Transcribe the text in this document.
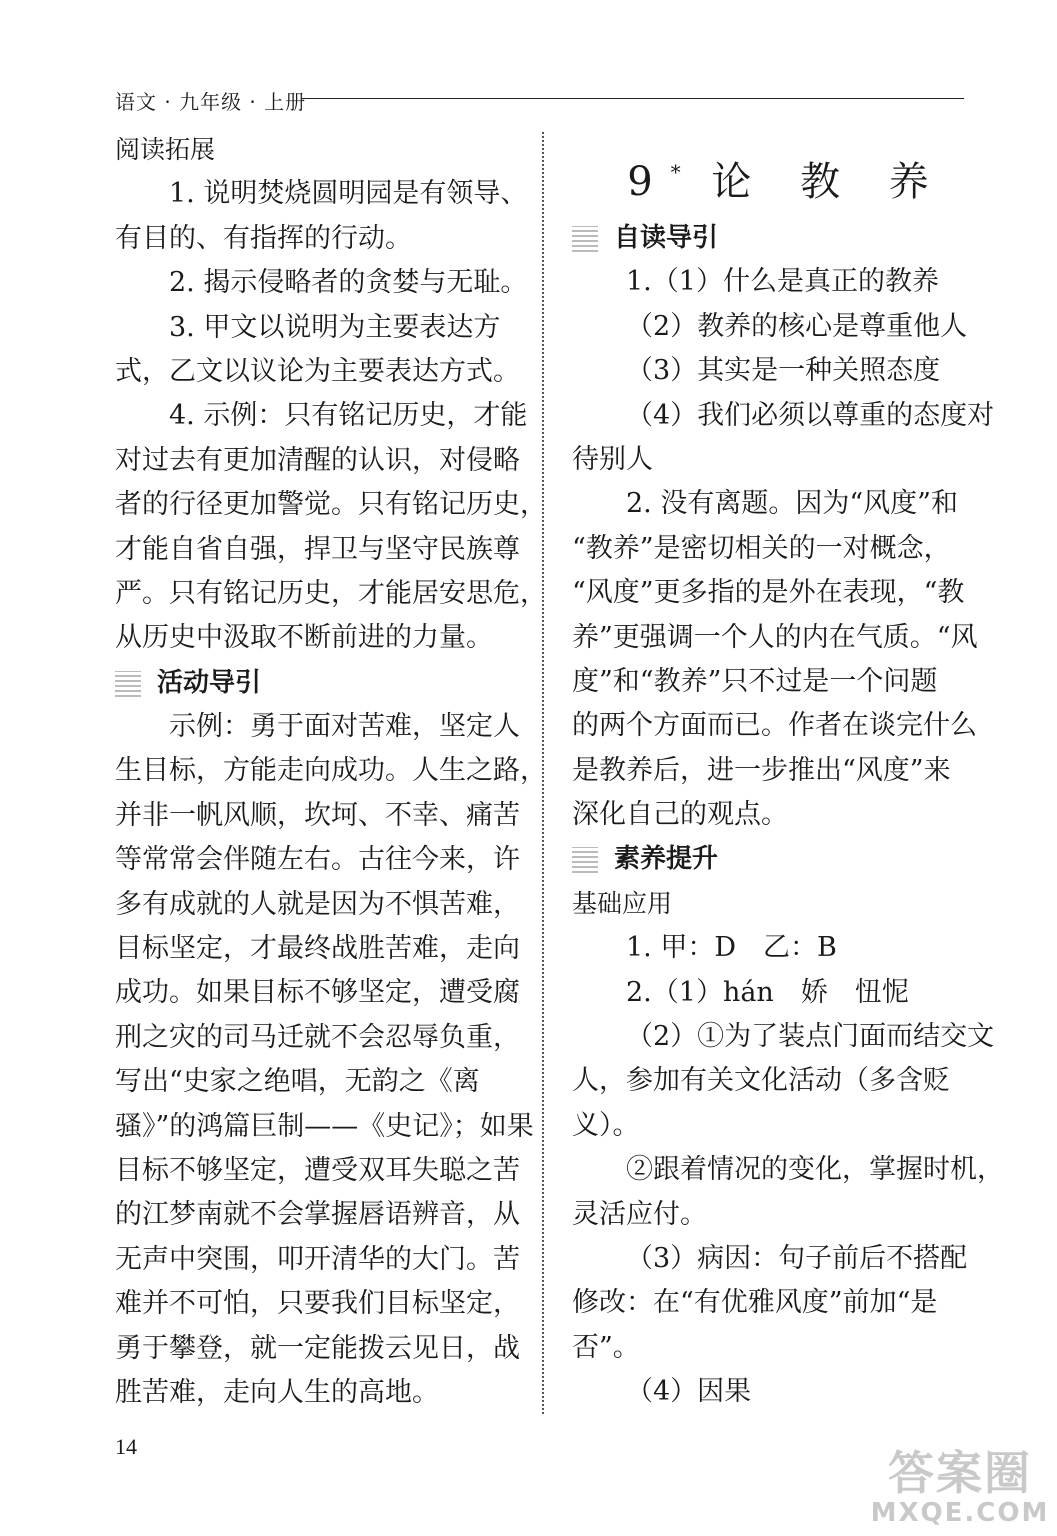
语文 · 九年级 · 上册
阅读拓展
1. 说明焚烧圆明园是有领导、
有目的、有指挥的行动。
2. 揭示侵略者的贪婪与无耻。
3. 甲文以说明为主要表达方
式，乙文以议论为主要表达方式。
4. 示例：只有铭记历史，才能
对过去有更加清醒的认识，对侵略
者的行径更加警觉。只有铭记历史，
才能自省自强，捍卫与坚守民族尊
严。只有铭记历史，才能居安思危，
从历史中汲取不断前进的力量。
活动导引
示例：勇于面对苦难，坚定人
生目标，方能走向成功。人生之路，
并非一帆风顺，坎坷、不幸、痛苦
等常常会伴随左右。古往今来，许
多有成就的人就是因为不惧苦难，
目标坚定，才最终战胜苦难，走向
成功。如果目标不够坚定，遭受腐
刑之灾的司马迁就不会忍辱负重，
写出“史家之绝唱，无韵之《离
骚》”的鸿篇巨制——《史记》；如果
目标不够坚定，遭受双耳失聪之苦
的江梦南就不会掌握唇语辨音，从
无声中突围，叩开清华的大门。苦
难并不可怕，只要我们目标坚定，
勇于攀登，就一定能拨云见日，战
胜苦难，走向人生的高地。
9* 论 教 养
自读导引
1.（1）什么是真正的教养
（2）教养的核心是尊重他人
（3）其实是一种关照态度
（4）我们必须以尊重的态度对
待别人
2. 没有离题。因为“风度”和
“教养”是密切相关的一对概念，
“风度”更多指的是外在表现，“教
养”更强调一个人的内在气质。“风
度”和“教养”只不过是一个问题
的两个方面而已。作者在谈完什么
是教养后，进一步推出“风度”来
深化自己的观点。
素养提升
基础应用
1. 甲：D　乙：B
2.（1）hán　娇　忸怩
（2）①为了装点门面而结交文
人，参加有关文化活动（多含贬
义）。
②跟着情况的变化，掌握时机，
灵活应付。
（3）病因：句子前后不搭配
修改：在“有优雅风度”前加“是
否”。
（4）因果
14	答案圈
MXQE.COM
